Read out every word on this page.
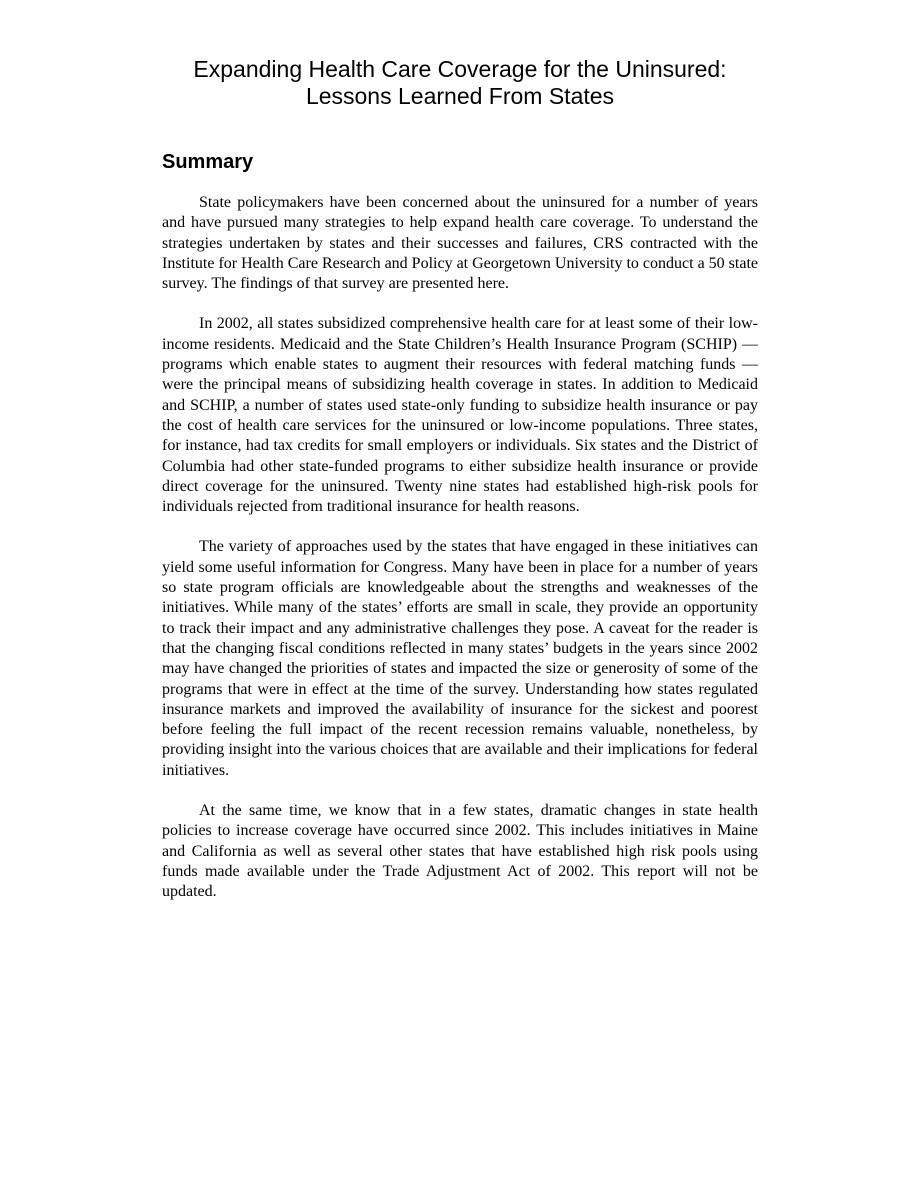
Expanding Health Care Coverage for the Uninsured:
Lessons Learned From States
Summary

State policymakers have been concerned about the uninsured for a number of years and have pursued many strategies to help expand health care coverage. To understand the strategies undertaken by states and their successes and failures, CRS contracted with the Institute for Health Care Research and Policy at Georgetown University to conduct a 50 state survey. The findings of that survey are presented here.

In 2002, all states subsidized comprehensive health care for at least some of their low-income residents. Medicaid and the State Children’s Health Insurance Program (SCHIP) — programs which enable states to augment their resources with federal matching funds — were the principal means of subsidizing health coverage in states. In addition to Medicaid and SCHIP, a number of states used state-only funding to subsidize health insurance or pay the cost of health care services for the uninsured or low-income populations. Three states, for instance, had tax credits for small employers or individuals. Six states and the District of Columbia had other state-funded programs to either subsidize health insurance or provide direct coverage for the uninsured. Twenty nine states had established high-risk pools for individuals rejected from traditional insurance for health reasons.

The variety of approaches used by the states that have engaged in these initiatives can yield some useful information for Congress. Many have been in place for a number of years so state program officials are knowledgeable about the strengths and weaknesses of the initiatives. While many of the states’ efforts are small in scale, they provide an opportunity to track their impact and any administrative challenges they pose. A caveat for the reader is that the changing fiscal conditions reflected in many states’ budgets in the years since 2002 may have changed the priorities of states and impacted the size or generosity of some of the programs that were in effect at the time of the survey. Understanding how states regulated insurance markets and improved the availability of insurance for the sickest and poorest before feeling the full impact of the recent recession remains valuable, nonetheless, by providing insight into the various choices that are available and their implications for federal initiatives.

At the same time, we know that in a few states, dramatic changes in state health policies to increase coverage have occurred since 2002. This includes initiatives in Maine and California as well as several other states that have established high risk pools using funds made available under the Trade Adjustment Act of 2002. This report will not be updated.
